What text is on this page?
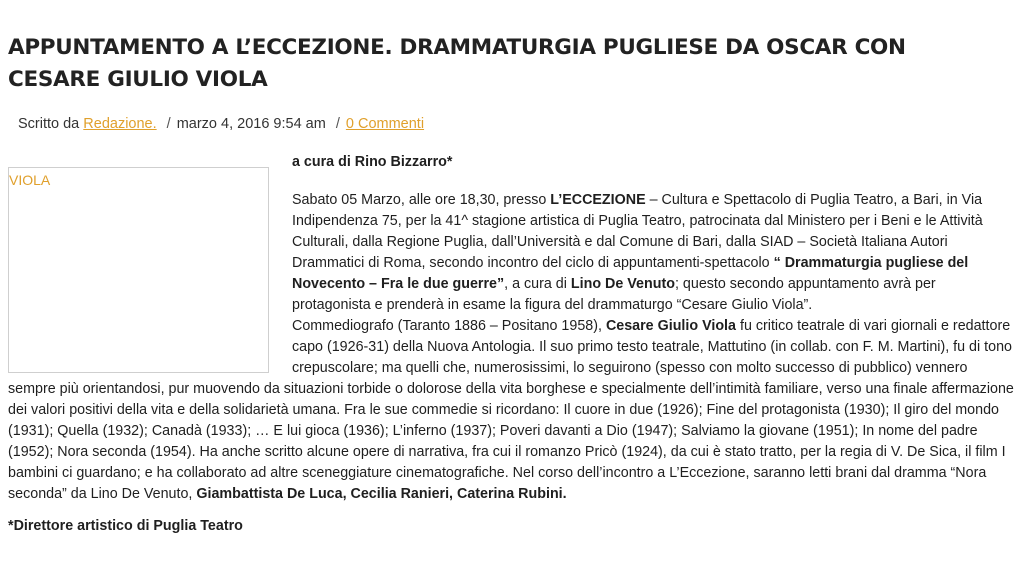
APPUNTAMENTO A L’ECCEZIONE. DRAMMATURGIA PUGLIESE DA OSCAR CON
CESARE GIULIO VIOLA
Scritto da Redazione. / marzo 4, 2016 9:54 am / 0 Commenti
VIOLA

a cura di Rino Bizzarro*

Sabato 05 Marzo, alle ore 18,30, presso L’ECCEZIONE – Cultura e Spettacolo di Puglia Teatro, a Bari, in Via Indipendenza 75, per la 41^ stagione artistica di Puglia Teatro, patrocinata dal Ministero per i Beni e le Attività Culturali, dalla Regione Puglia, dall’Università e dal Comune di Bari, dalla SIAD – Società Italiana Autori Drammatici di Roma, secondo incontro del ciclo di appuntamenti-spettacolo “ Drammaturgia pugliese del Novecento – Fra le due guerre”, a cura di Lino De Venuto; questo secondo appuntamento avrà per protagonista e prenderà in esame la figura del drammaturgo “Cesare Giulio Viola”.

Commediografo (Taranto 1886 – Positano 1958), Cesare Giulio Viola fu critico teatrale di vari giornali e redattore capo (1926-31) della Nuova Antologia. Il suo primo testo teatrale, Mattutino (in collab. con F. M. Martini), fu di tono crepuscolare; ma quelli che, numerosissimi, lo seguirono (spesso con molto successo di pubblico) vennero sempre più orientandosi, pur muovendo da situazioni torbide o dolorose della vita borghese e specialmente dell’intimità familiare, verso una finale affermazione dei valori positivi della vita e della solidarietà umana. Fra le sue commedie si ricordano: Il cuore in due (1926); Fine del protagonista (1930); Il giro del mondo (1931); Quella (1932); Canadà (1933); … E lui gioca (1936); L’inferno (1937); Poveri davanti a Dio (1947); Salviamo la giovane (1951); In nome del padre (1952); Nora seconda (1954). Ha anche scritto alcune opere di narrativa, fra cui il romanzo Pricò (1924), da cui è stato tratto, per la regia di V. De Sica, il film I bambini ci guardano; e ha collaborato ad altre sceneggiature cinematografiche. Nel corso dell’incontro a L’Eccezione, saranno letti brani dal dramma “Nora seconda” da Lino De Venuto, Giambattista De Luca, Cecilia Ranieri, Caterina Rubini.

*Direttore artistico di Puglia Teatro
